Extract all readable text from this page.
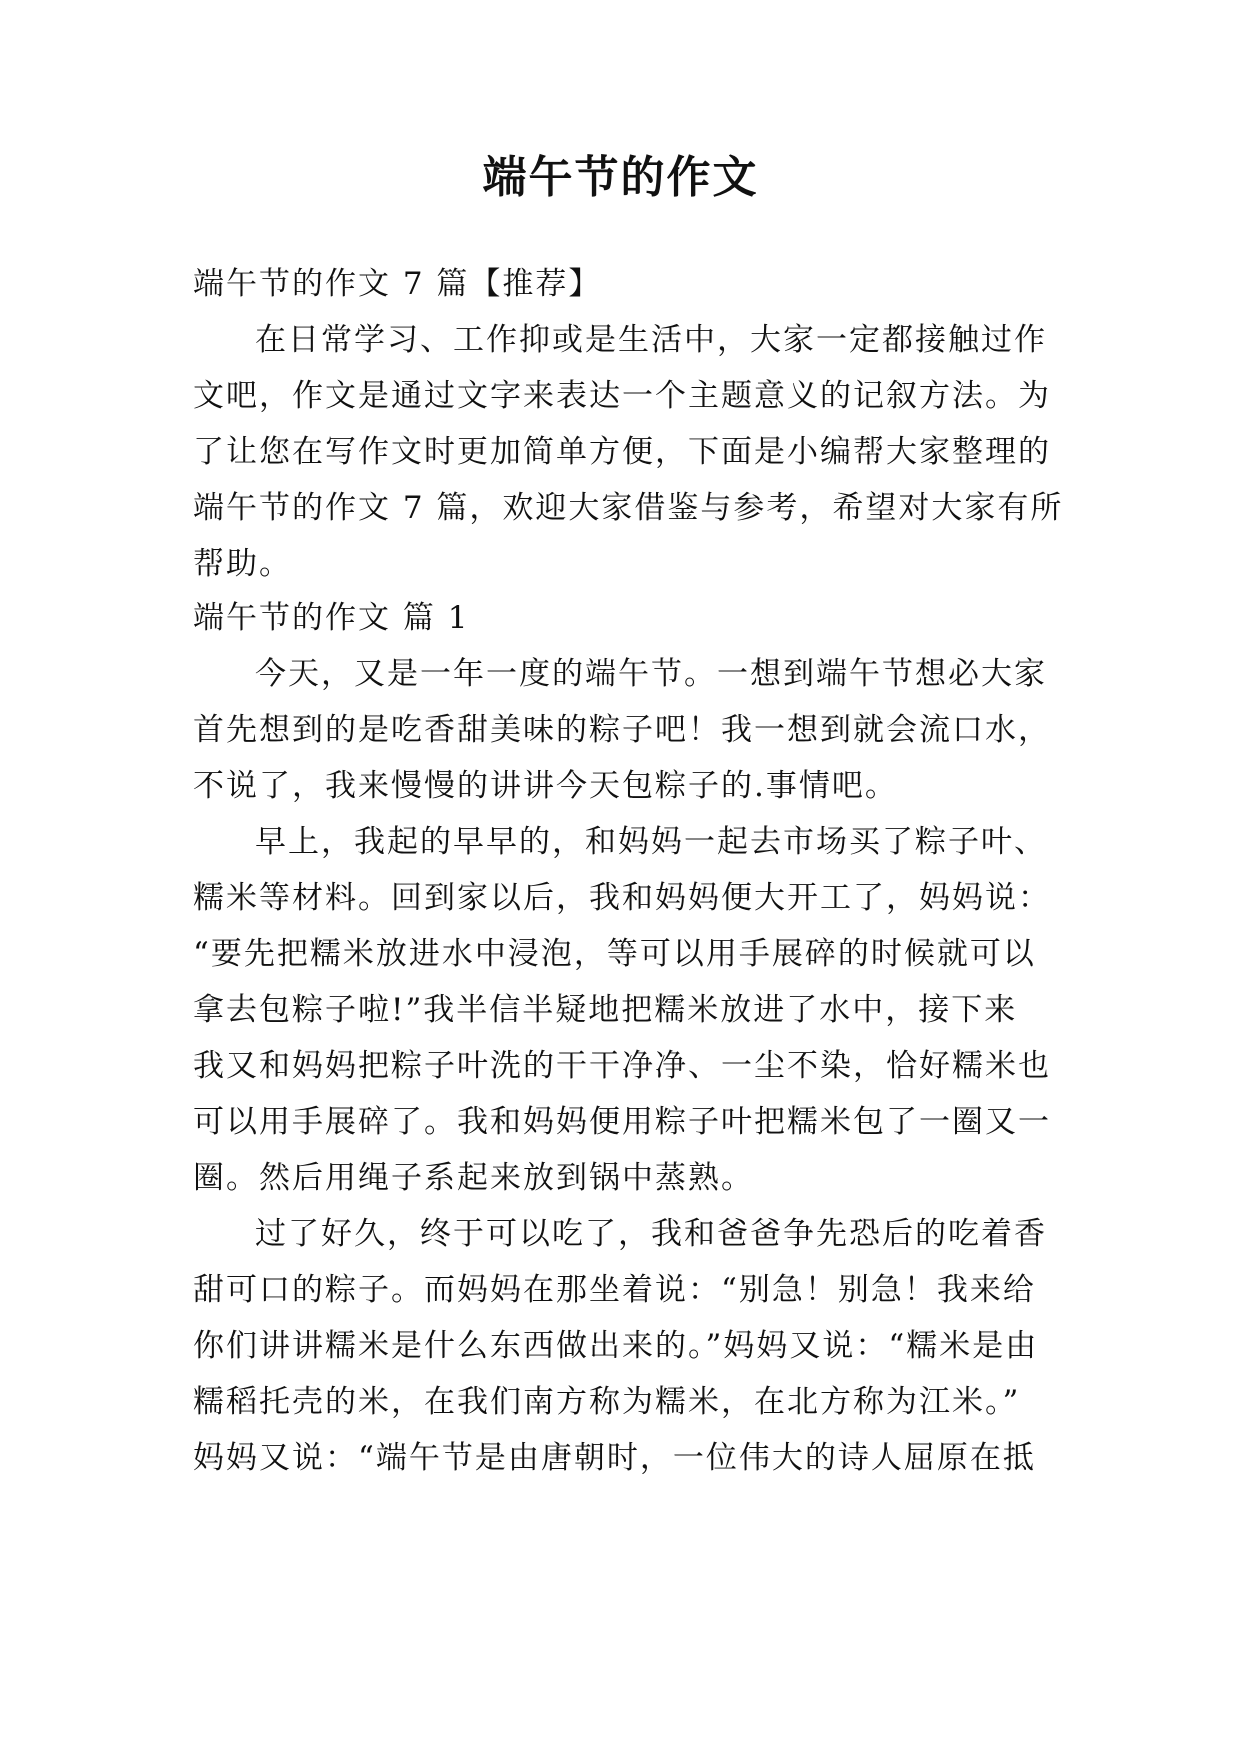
端午节的作文

端午节的作文 7 篇【推荐】

在日常学习、工作抑或是生活中，大家一定都接触过作

文吧，作文是通过文字来表达一个主题意义的记叙方法。为

了让您在写作文时更加简单方便，下面是小编帮大家整理的

端午节的作文 7 篇，欢迎大家借鉴与参考，希望对大家有所

帮助。

端午节的作文 篇 1

今天，又是一年一度的端午节。一想到端午节想必大家

首先想到的是吃香甜美味的粽子吧！我一想到就会流口水，

不说了，我来慢慢的讲讲今天包粽子的.事情吧。

早上，我起的早早的，和妈妈一起去市场买了粽子叶、

糯米等材料。回到家以后，我和妈妈便大开工了，妈妈说：

“要先把糯米放进水中浸泡，等可以用手展碎的时候就可以

拿去包粽子啦!”我半信半疑地把糯米放进了水中，接下来

我又和妈妈把粽子叶洗的干干净净、一尘不染，恰好糯米也

可以用手展碎了。我和妈妈便用粽子叶把糯米包了一圈又一

圈。然后用绳子系起来放到锅中蒸熟。

过了好久，终于可以吃了，我和爸爸争先恐后的吃着香

甜可口的粽子。而妈妈在那坐着说：“别急！别急！我来给

你们讲讲糯米是什么东西做出来的。”妈妈又说：“糯米是由

糯稻托壳的米，在我们南方称为糯米，在北方称为江米。”

妈妈又说：“端午节是由唐朝时，一位伟大的诗人屈原在抵
